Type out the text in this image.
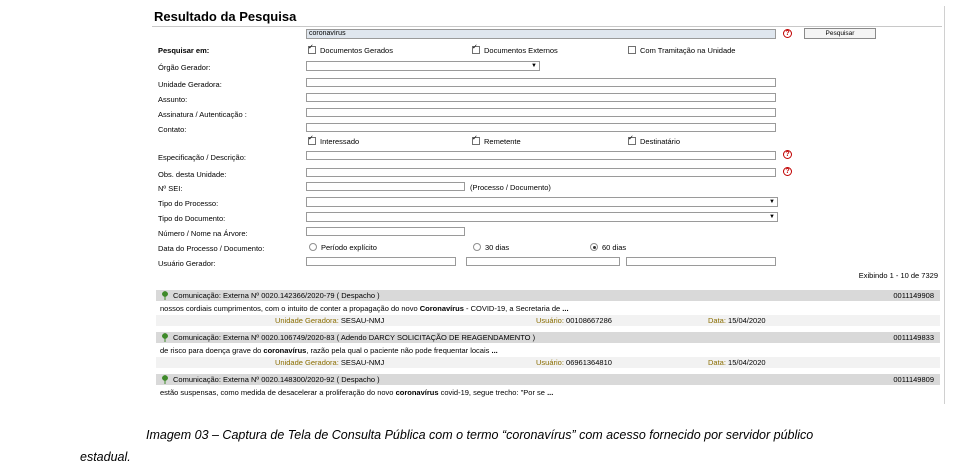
Resultado da Pesquisa
coronavírus	?	Pesquisar
Pesquisar em: ✓	Documentos Gerados ✓	Documentos Externos	Com Tramitação na Unidade
Órgão Gerador:	▼
Unidade Geradora:
Assunto:
Assinatura / Autenticação :
Contato:
✓Interessado ✓	Remetente ✓	Destinatário
Especificação / Descrição:	?
Obs. desta Unidade:	?
Nº SEI:	(Processo / Documento)
Tipo do Processo:	▼
Tipo do Documento:	▼
Número / Nome na Árvore:
Data do Processo / Documento:	Período explícito	30 dias	60 dias
Usuário Gerador:
Exibindo 1 - 10 de 7329
Comunicação: Externa Nº 0020.142366/2020-79 ( Despacho )	0011149908
nossos cordiais cumprimentos, com o intuito de conter a propagação do novo Coronavírus - COVID-19, a Secretaria de ...
Unidade Geradora: SESAU-NMJ	Usuário: 00108667286	Data: 15/04/2020
Comunicação: Externa Nº 0020.106749/2020-83 ( Adendo DARCY SOLICITAÇÃO DE REAGENDAMENTO )	0011149833
de risco para doença grave do coronavírus, razão pela qual o paciente não pode frequentar locais ...
Unidade Geradora: SESAU-NMJ	Usuário: 06961364810	Data: 15/04/2020
Comunicação: Externa Nº 0020.148300/2020-92 ( Despacho )	0011149809
estão suspensas, como medida de desacelerar a proliferação do novo coronavírus covid-19, segue trecho: "Por se ...
Imagem 03 – Captura de Tela de Consulta Pública com o termo “coronavírus” com acesso fornecido por servidor público
estadual.
